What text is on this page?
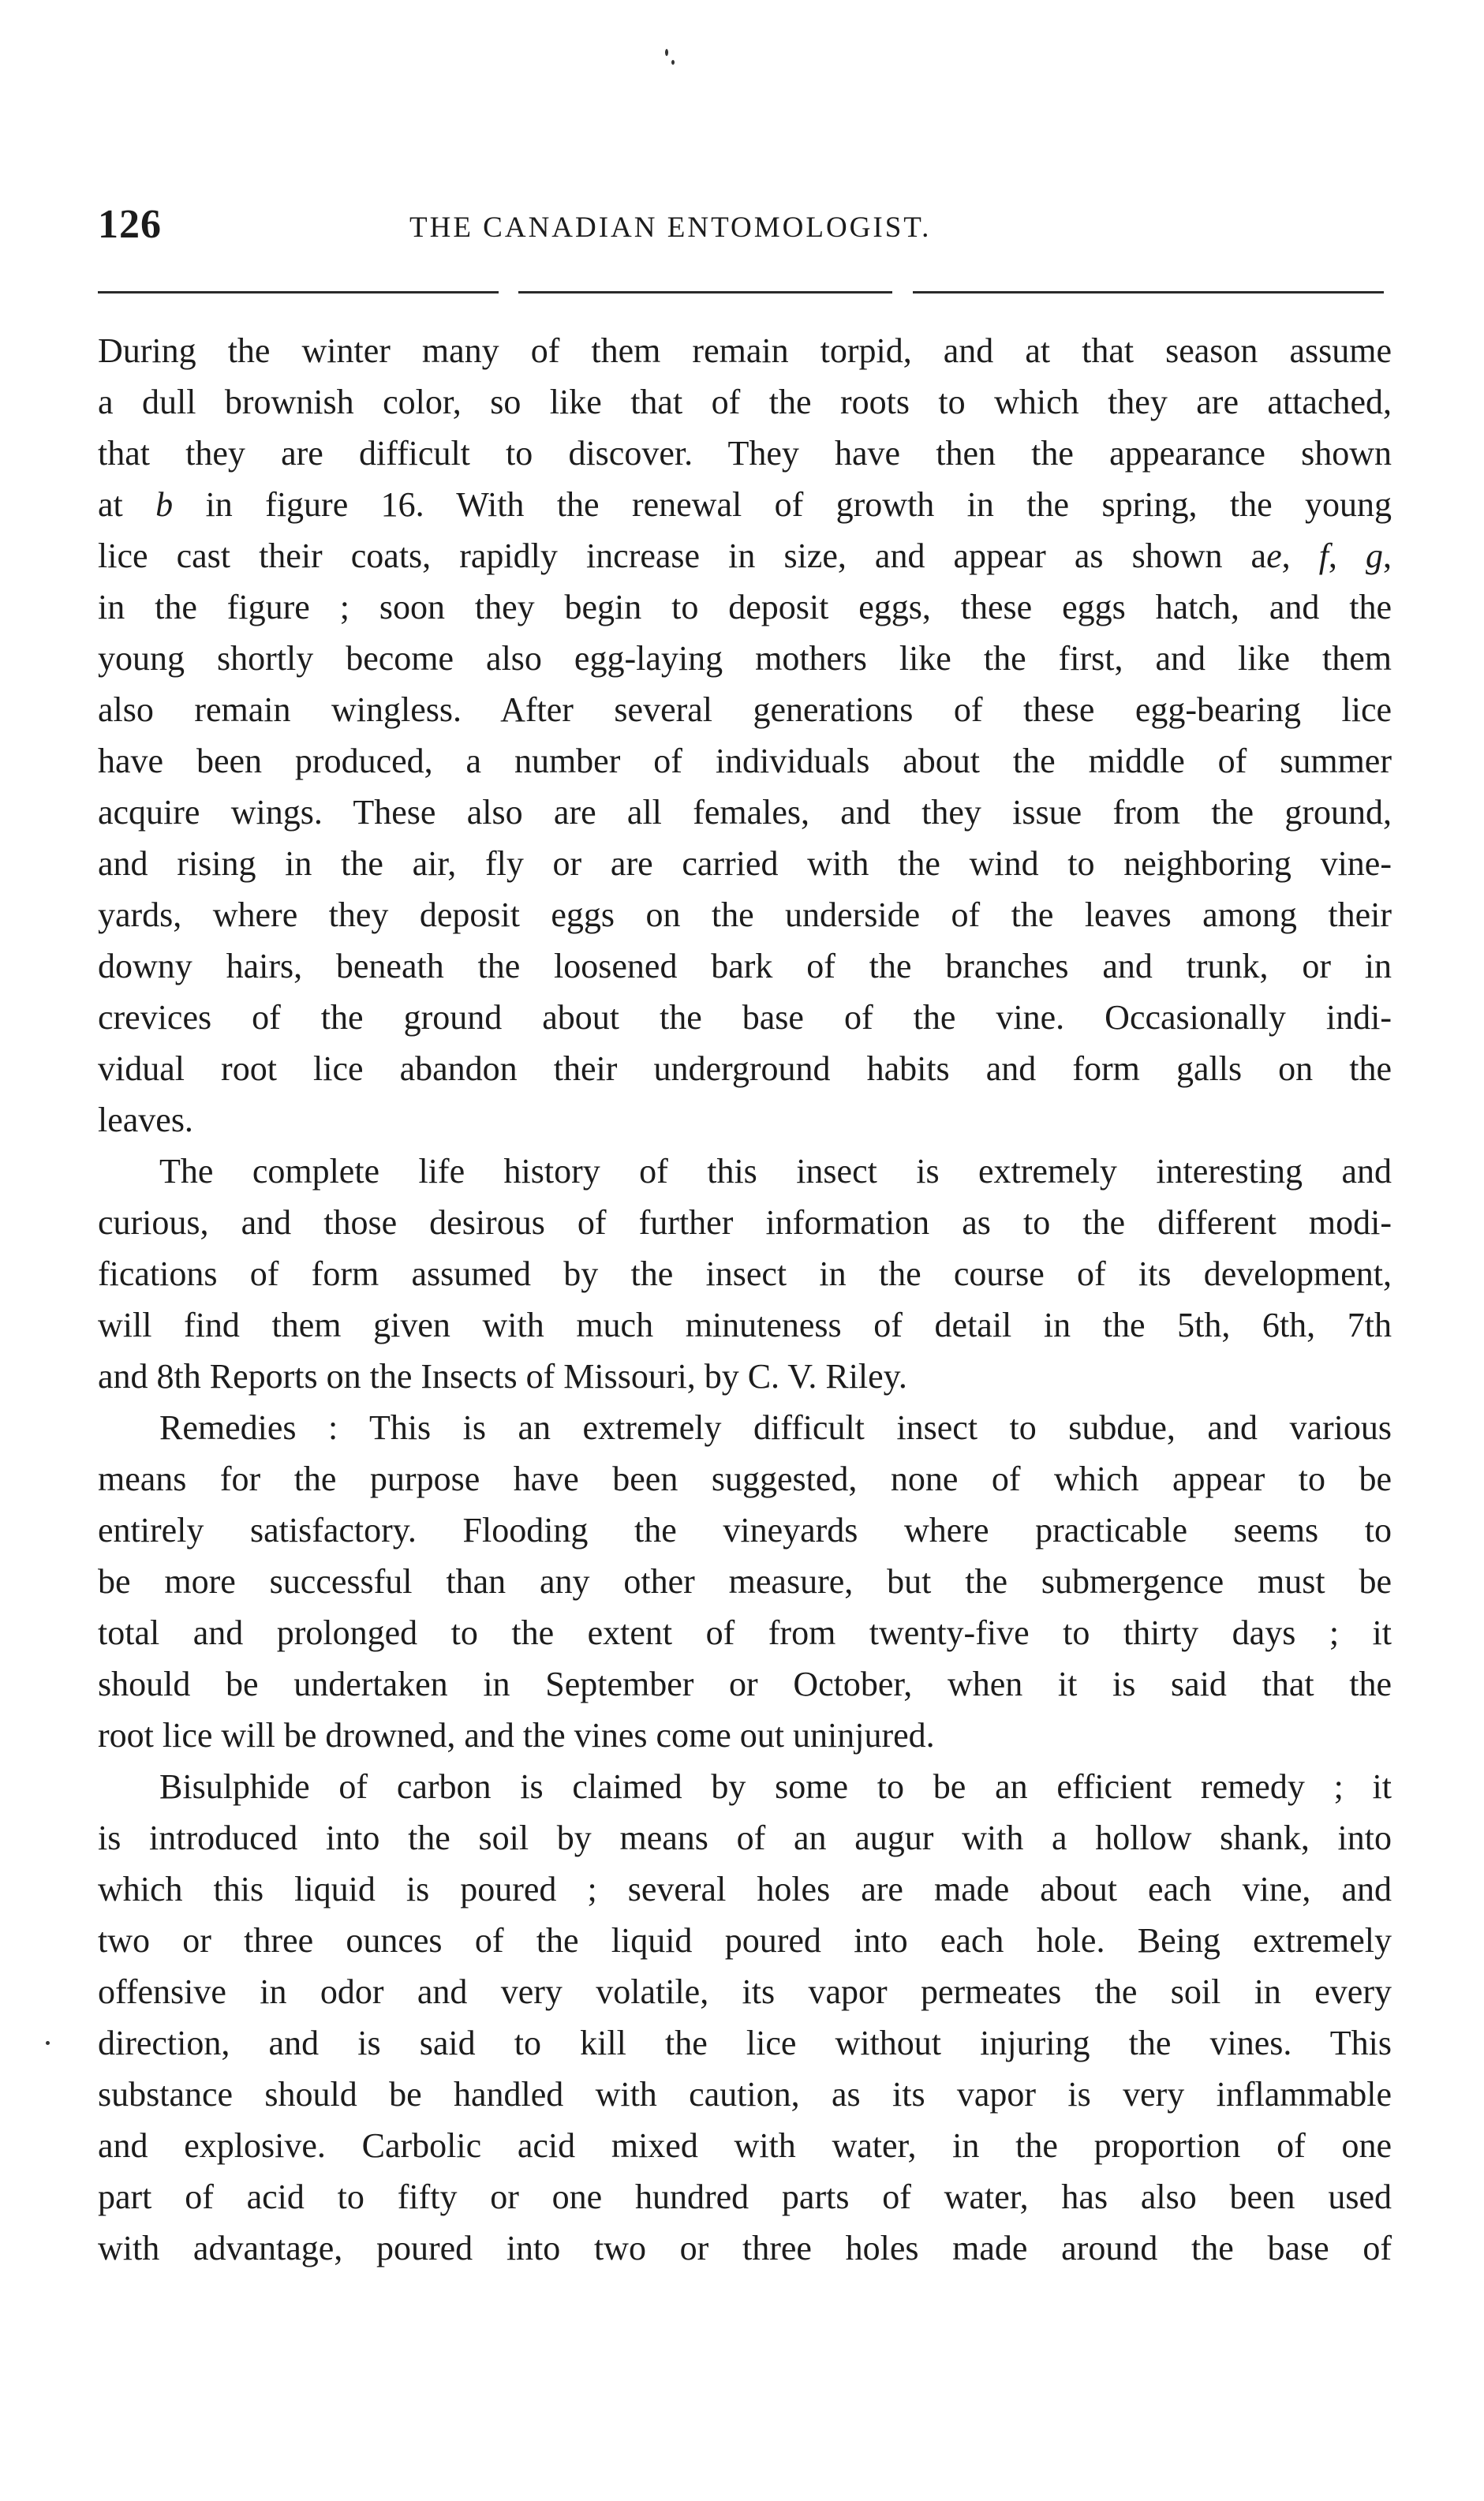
126	THE CANADIAN ENTOMOLOGIST.
During the winter many of them remain torpid, and at that season assume
a dull brownish color, so like that of the roots to which they are attached,
that they are difficult to discover. They have then the appearance shown
at b in figure 16. With the renewal of growth in the spring, the young
lice cast their coats, rapidly increase in size, and appear as shown ae, f, g,
in the figure ; soon they begin to deposit eggs, these eggs hatch, and the
young shortly become also egg-laying mothers like the first, and like them
also remain wingless. After several generations of these egg-bearing lice
have been produced, a number of individuals about the middle of summer
acquire wings. These also are all females, and they issue from the ground,
and rising in the air, fly or are carried with the wind to neighboring vine-
yards, where they deposit eggs on the underside of the leaves among their
downy hairs, beneath the loosened bark of the branches and trunk, or in
crevices of the ground about the base of the vine. Occasionally indi-
vidual root lice abandon their underground habits and form galls on the
leaves.
The complete life history of this insect is extremely interesting and
curious, and those desirous of further information as to the different modi-
fications of form assumed by the insect in the course of its development,
will find them given with much minuteness of detail in the 5th, 6th, 7th
and 8th Reports on the Insects of Missouri, by C. V. Riley.
Remedies : This is an extremely difficult insect to subdue, and various
means for the purpose have been suggested, none of which appear to be
entirely satisfactory. Flooding the vineyards where practicable seems to
be more successful than any other measure, but the submergence must be
total and prolonged to the extent of from twenty-five to thirty days ; it
should be undertaken in September or October, when it is said that the
root lice will be drowned, and the vines come out uninjured.
Bisulphide of carbon is claimed by some to be an efficient remedy ; it
is introduced into the soil by means of an augur with a hollow shank, into
which this liquid is poured ; several holes are made about each vine, and
two or three ounces of the liquid poured into each hole. Being extremely
offensive in odor and very volatile, its vapor permeates the soil in every
direction, and is said to kill the lice without injuring the vines. This
substance should be handled with caution, as its vapor is very inflammable
and explosive. Carbolic acid mixed with water, in the proportion of one
part of acid to fifty or one hundred parts of water, has also been used
with advantage, poured into two or three holes made around the base of
